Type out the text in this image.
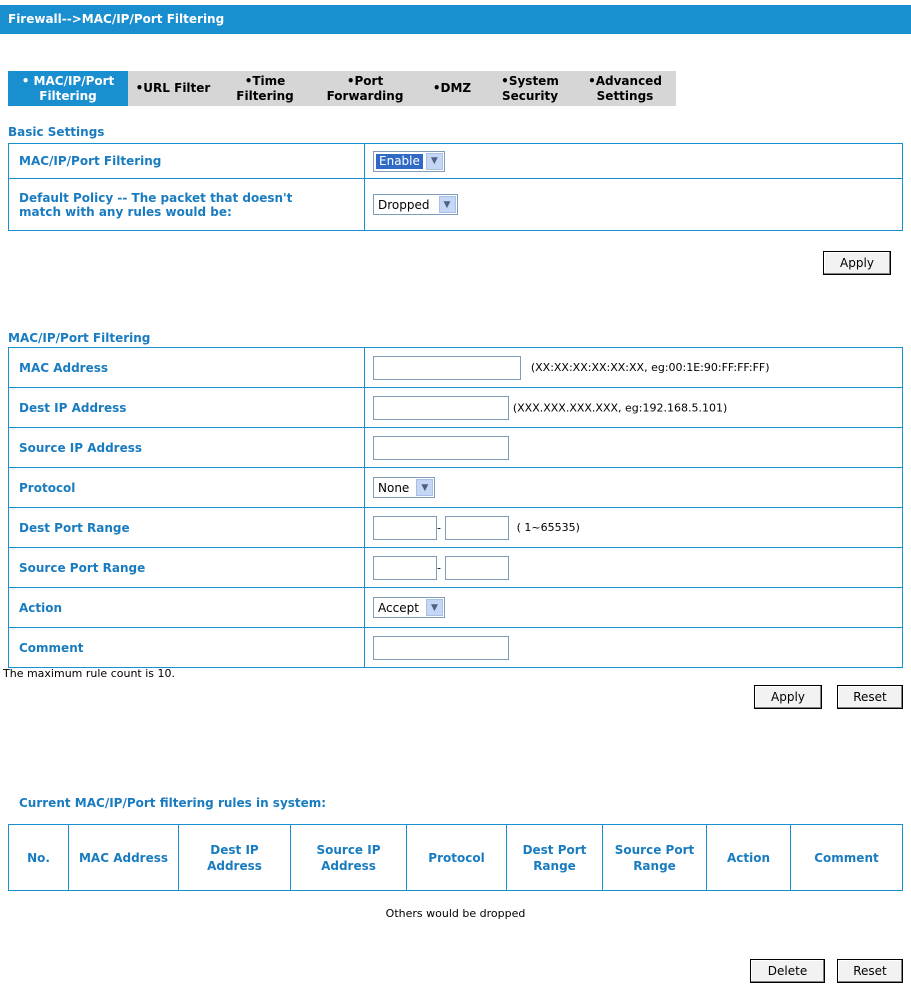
Firewall-->MAC/IP/Port Filtering
• MAC/IP/Port
Filtering
•URL Filter
•Time
Filtering
•Port
Forwarding
•DMZ
•System
Security
•Advanced
Settings
Basic Settings
MAC/IP/Port Filtering	Enable ▼

Default Policy -- The packet that doesn't
match with any rules would be:	Dropped ▼
Apply
MAC/IP/Port Filtering
MAC Address	(XX:XX:XX:XX:XX:XX, eg:00:1E:90:FF:FF:FF)
Dest IP Address	(XXX.XXX.XXX.XXX, eg:192.168.5.101)
Source IP Address	
Protocol	None ▼

Dest Port Range	- ( 1~65535)
Source Port Range	-
Action	Accept ▼

Comment	
The maximum rule count is 10.
Apply	Reset
Current MAC/IP/Port filtering rules in system:
No.	MAC Address	Dest IP Address	Source IP Address	Protocol	Dest Port Range	Source Port Range	Action	Comment
Others would be dropped
Delete	Reset
